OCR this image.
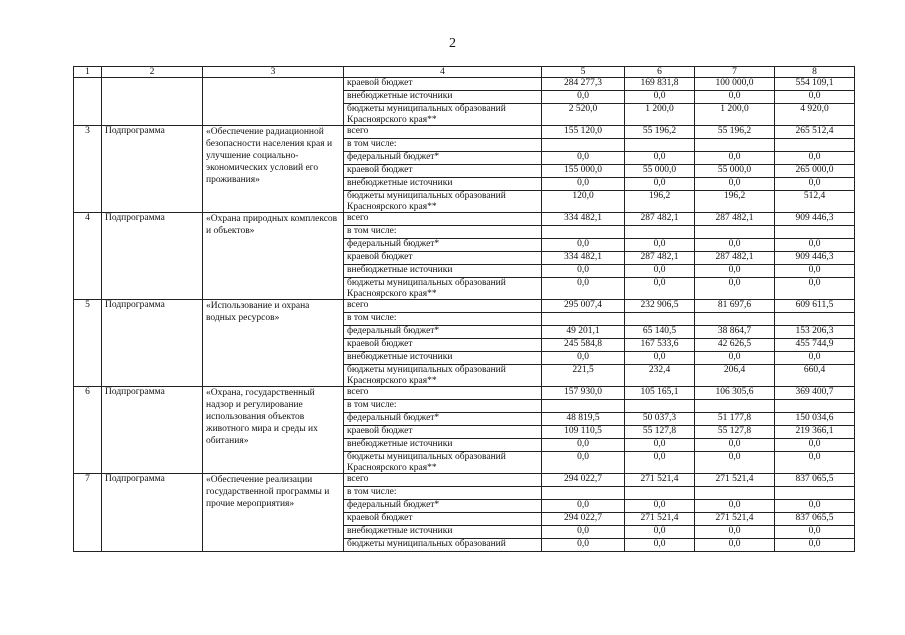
2
1	2	3	4	5	6	7	8
			краевой бюджет	284 277,3	169 831,8	100 000,0	554 109,1
			внебюджетные источники	0,0	0,0	0,0	0,0
			бюджеты муниципальных образований Красноярского края**	2 520,0	1 200,0	1 200,0	4 920,0
3	Подпрограмма	«Обеспечение радиационной безопасности населения края и улучшение социально- экономических условий его проживания»	всего	155 120,0	55 196,2	55 196,2	265 512,4
			в том числе:				
			федеральный бюджет*	0,0	0,0	0,0	0,0
			краевой бюджет	155 000,0	55 000,0	55 000,0	265 000,0
			внебюджетные источники	0,0	0,0	0,0	0,0
			бюджеты муниципальных образований Красноярского края**	120,0	196,2	196,2	512,4
4	Подпрограмма	«Охрана природных комплексов и объектов»	всего	334 482,1	287 482,1	287 482,1	909 446,3
			в том числе:				
			федеральный бюджет*	0,0	0,0	0,0	0,0
			краевой бюджет	334 482,1	287 482,1	287 482,1	909 446,3
			внебюджетные источники	0,0	0,0	0,0	0,0
			бюджеты муниципальных образований Красноярского края**	0,0	0,0	0,0	0,0
5	Подпрограмма	«Использование и охрана водных ресурсов»	всего	295 007,4	232 906,5	81 697,6	609 611,5
			в том числе:				
			федеральный бюджет*	49 201,1	65 140,5	38 864,7	153 206,3
			краевой бюджет	245 584,8	167 533,6	42 626,5	455 744,9
			внебюджетные источники	0,0	0,0	0,0	0,0
			бюджеты муниципальных образований Красноярского края**	221,5	232,4	206,4	660,4
6	Подпрограмма	«Охрана, государственный надзор и регулирование использования объектов животного мира и среды их обитания»	всего	157 930,0	105 165,1	106 305,6	369 400,7
			в том числе:				
			федеральный бюджет*	48 819,5	50 037,3	51 177,8	150 034,6
			краевой бюджет	109 110,5	55 127,8	55 127,8	219 366,1
			внебюджетные источники	0,0	0,0	0,0	0,0
			бюджеты муниципальных образований Красноярского края**	0,0	0,0	0,0	0,0
7	Подпрограмма	«Обеспечение реализации государственной программы и прочие мероприятия»	всего	294 022,7	271 521,4	271 521,4	837 065,5
			в том числе:				
			федеральный бюджет*	0,0	0,0	0,0	0,0
			краевой бюджет	294 022,7	271 521,4	271 521,4	837 065,5
			внебюджетные источники	0,0	0,0	0,0	0,0
			бюджеты муниципальных образований	0,0	0,0	0,0	0,0
